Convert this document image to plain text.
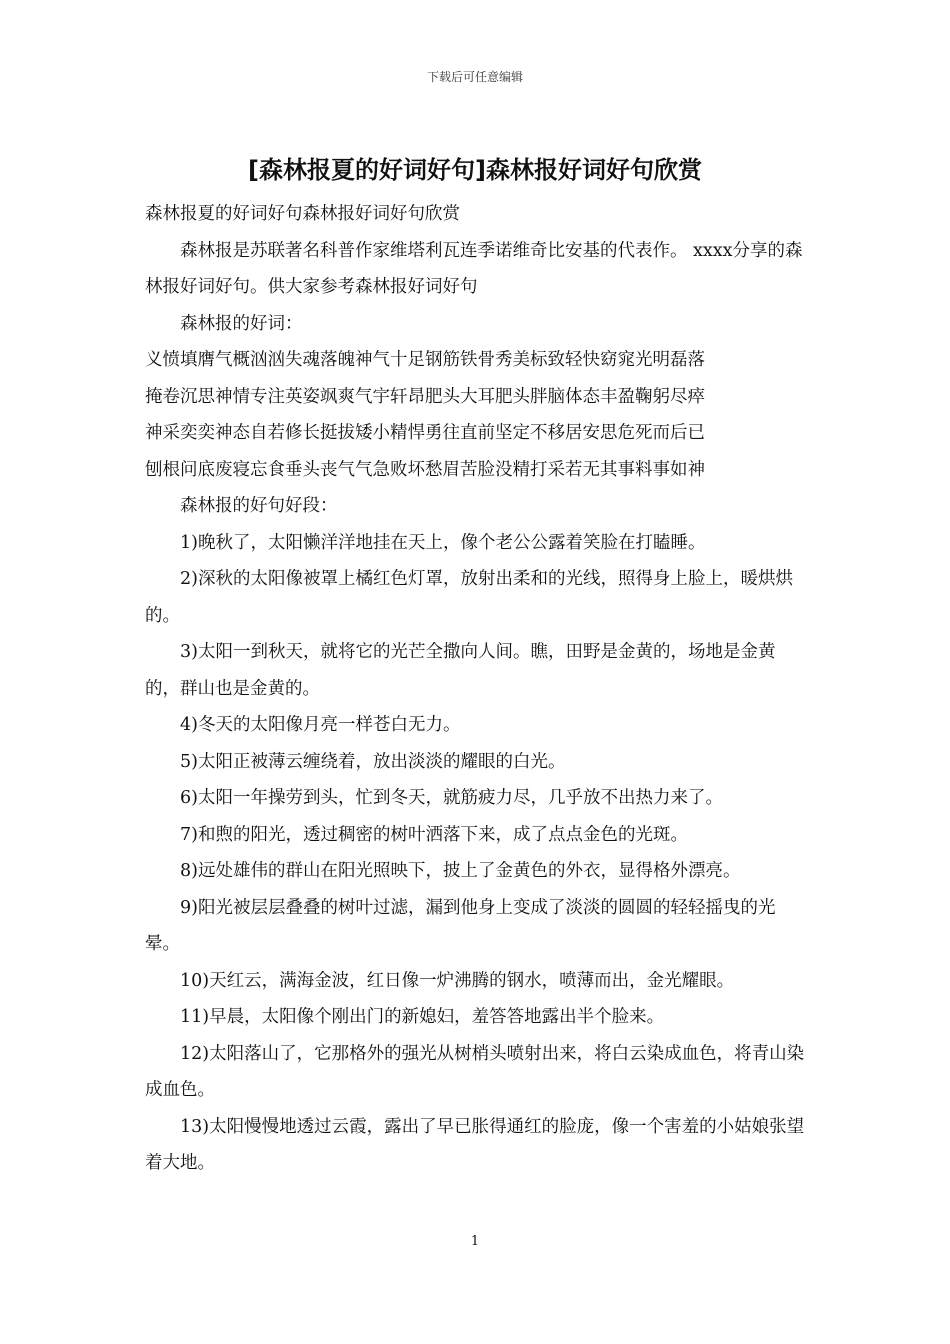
下载后可任意编辑
[森林报夏的好词好句]森林报好词好句欣赏

森林报夏的好词好句森林报好词好句欣赏

森林报是苏联著名科普作家维塔利瓦连季诺维奇比安基的代表作。 xxxx分享的森林报好词好句。供大家参考森林报好词好句

森林报的好词：

义愤填膺气概汹汹失魂落魄神气十足钢筋铁骨秀美标致轻快窈窕光明磊落

掩卷沉思神情专注英姿飒爽气宇轩昂肥头大耳肥头胖脑体态丰盈鞠躬尽瘁

神采奕奕神态自若修长挺拔矮小精悍勇往直前坚定不移居安思危死而后已

刨根问底废寝忘食垂头丧气气急败坏愁眉苦脸没精打采若无其事料事如神

森林报的好句好段：

1)晚秋了，太阳懒洋洋地挂在天上，像个老公公露着笑脸在打瞌睡。

2)深秋的太阳像被罩上橘红色灯罩，放射出柔和的光线，照得身上脸上，暖烘烘的。

3)太阳一到秋天，就将它的光芒全撒向人间。瞧，田野是金黄的，场地是金黄的，群山也是金黄的。

4)冬天的太阳像月亮一样苍白无力。

5)太阳正被薄云缠绕着，放出淡淡的耀眼的白光。

6)太阳一年操劳到头，忙到冬天，就筋疲力尽，几乎放不出热力来了。

7)和煦的阳光，透过稠密的树叶洒落下来，成了点点金色的光斑。

8)远处雄伟的群山在阳光照映下，披上了金黄色的外衣，显得格外漂亮。

9)阳光被层层叠叠的树叶过滤，漏到他身上变成了淡淡的圆圆的轻轻摇曳的光晕。

10)天红云，满海金波，红日像一炉沸腾的钢水，喷薄而出，金光耀眼。

11)早晨，太阳像个刚出门的新媳妇，羞答答地露出半个脸来。

12)太阳落山了，它那格外的强光从树梢头喷射出来，将白云染成血色，将青山染成血色。

13)太阳慢慢地透过云霞，露出了早已胀得通红的脸庞，像一个害羞的小姑娘张望着大地。

1
